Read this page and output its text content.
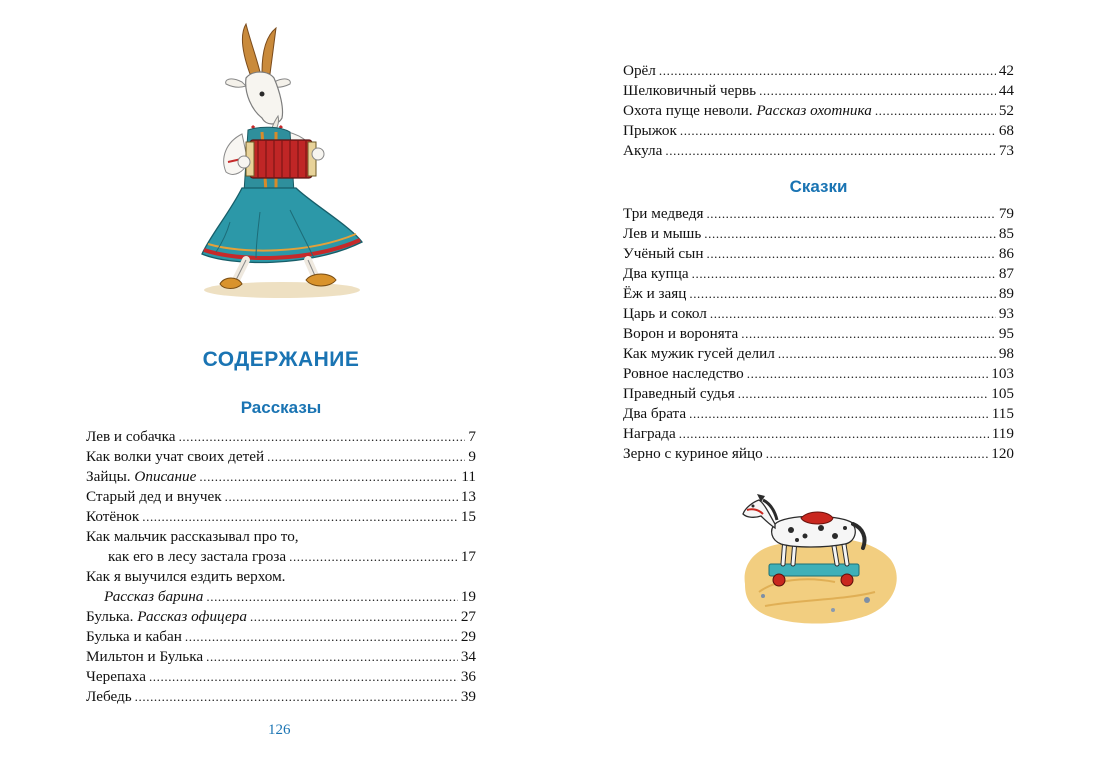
СОДЕРЖАНИЕ
Рассказы
Лев и собачка .....	7
Как волки учат своих детей .....	9
Зайцы. Описание .....	11
Старый дед и внучек .....	13
Котёнок .....	15
Как мальчик рассказывал про то,
как его в лесу застала гроза .....	17
Как я выучился ездить верхом.
Рассказ барина .....	19
Булька. Рассказ офицера .....	27
Булька и кабан .....	29
Мильтон и Булька .....	34
Черепаха .....	36
Лебедь .....	39
126
Орёл .....	42
Шелковичный червь .....	44
Охота пуще неволи. Рассказ охотника .....	52
Прыжок .....	68
Акула .....	73
Сказки
Три медведя .....	79
Лев и мышь .....	85
Учёный сын .....	86
Два купца .....	87
Ёж и заяц .....	89
Царь и сокол .....	93
Ворон и воронята .....	95
Как мужик гусей делил .....	98
Ровное наследство .....	103
Праведный судья .....	105
Два брата .....	115
Награда .....	119
Зерно с куриное яйцо .....	120
